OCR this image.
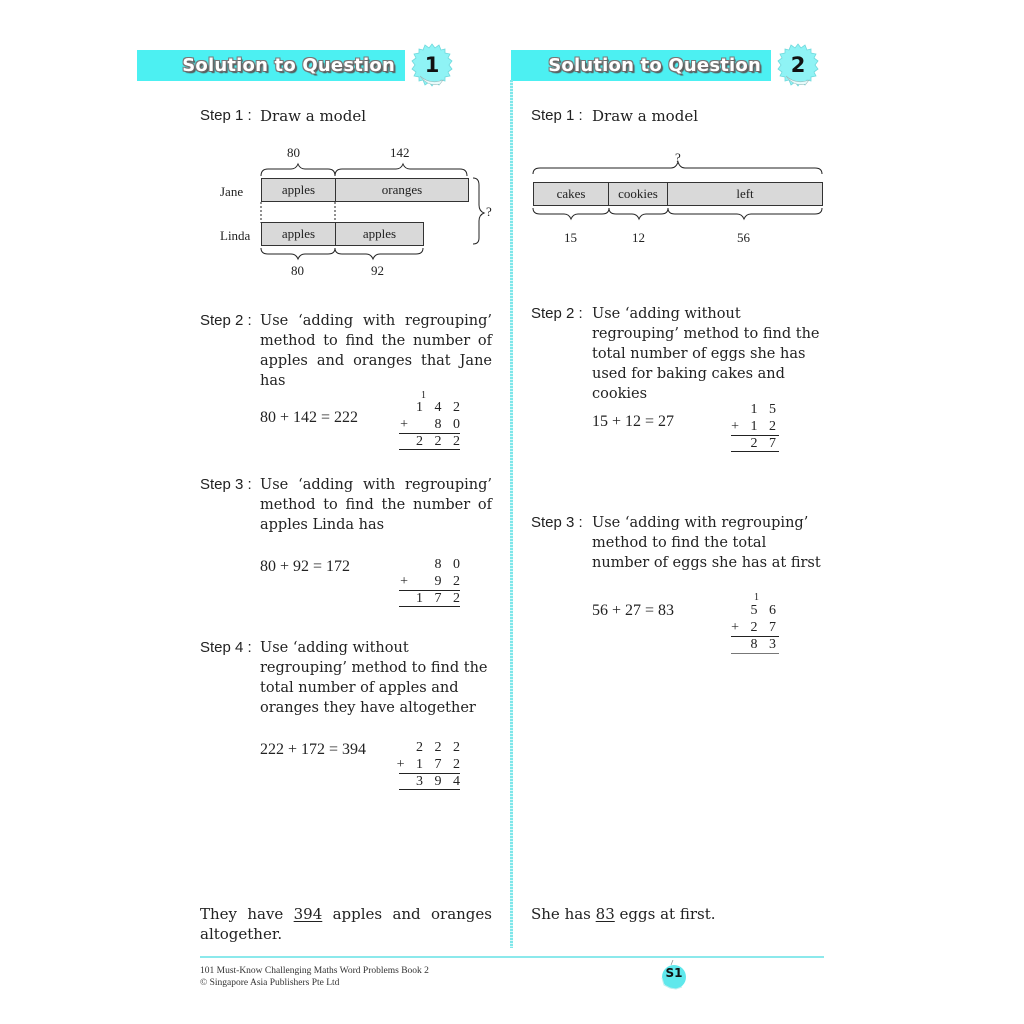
Solution to Question	1	Solution to Question	2
Step 1 : Draw a model
80	142
Jane	apples	oranges
?
Linda	apples	apples
80	92
Step 2 : Use ‘adding with regrouping’ method to find the number of apples and oranges that Jane has
80 + 142 = 222
1
1 4 2
+   8 0
2 2 2
Step 3 : Use ‘adding with regrouping’ method to find the number of apples Linda has
80 + 92 = 172	8 0
+   9 2
1 7 2
Step 4 : Use ‘adding without regrouping’ method to find the total number of apples and oranges they have altogether
222 + 172 = 394	2 2 2
+ 1 7 2
3 9 4
They have 394 apples and oranges altogether.
Step 1 : Draw a model
?
cakes	cookies	left
15	12	56
Step 2 : Use ‘adding without regrouping’ method to find the total number of eggs she has used for baking cakes and cookies
15 + 12 = 27
1 5
+ 1 2
2 7
Step 3 : Use ‘adding with regrouping’ method to find the total number of eggs she has at first
56 + 27 = 83
1
5 6
+ 2 7
8 3
She has 83 eggs at first.
101 Must-Know Challenging Maths Word Problems Book 2
© Singapore Asia Publishers Pte Ltd
S1
